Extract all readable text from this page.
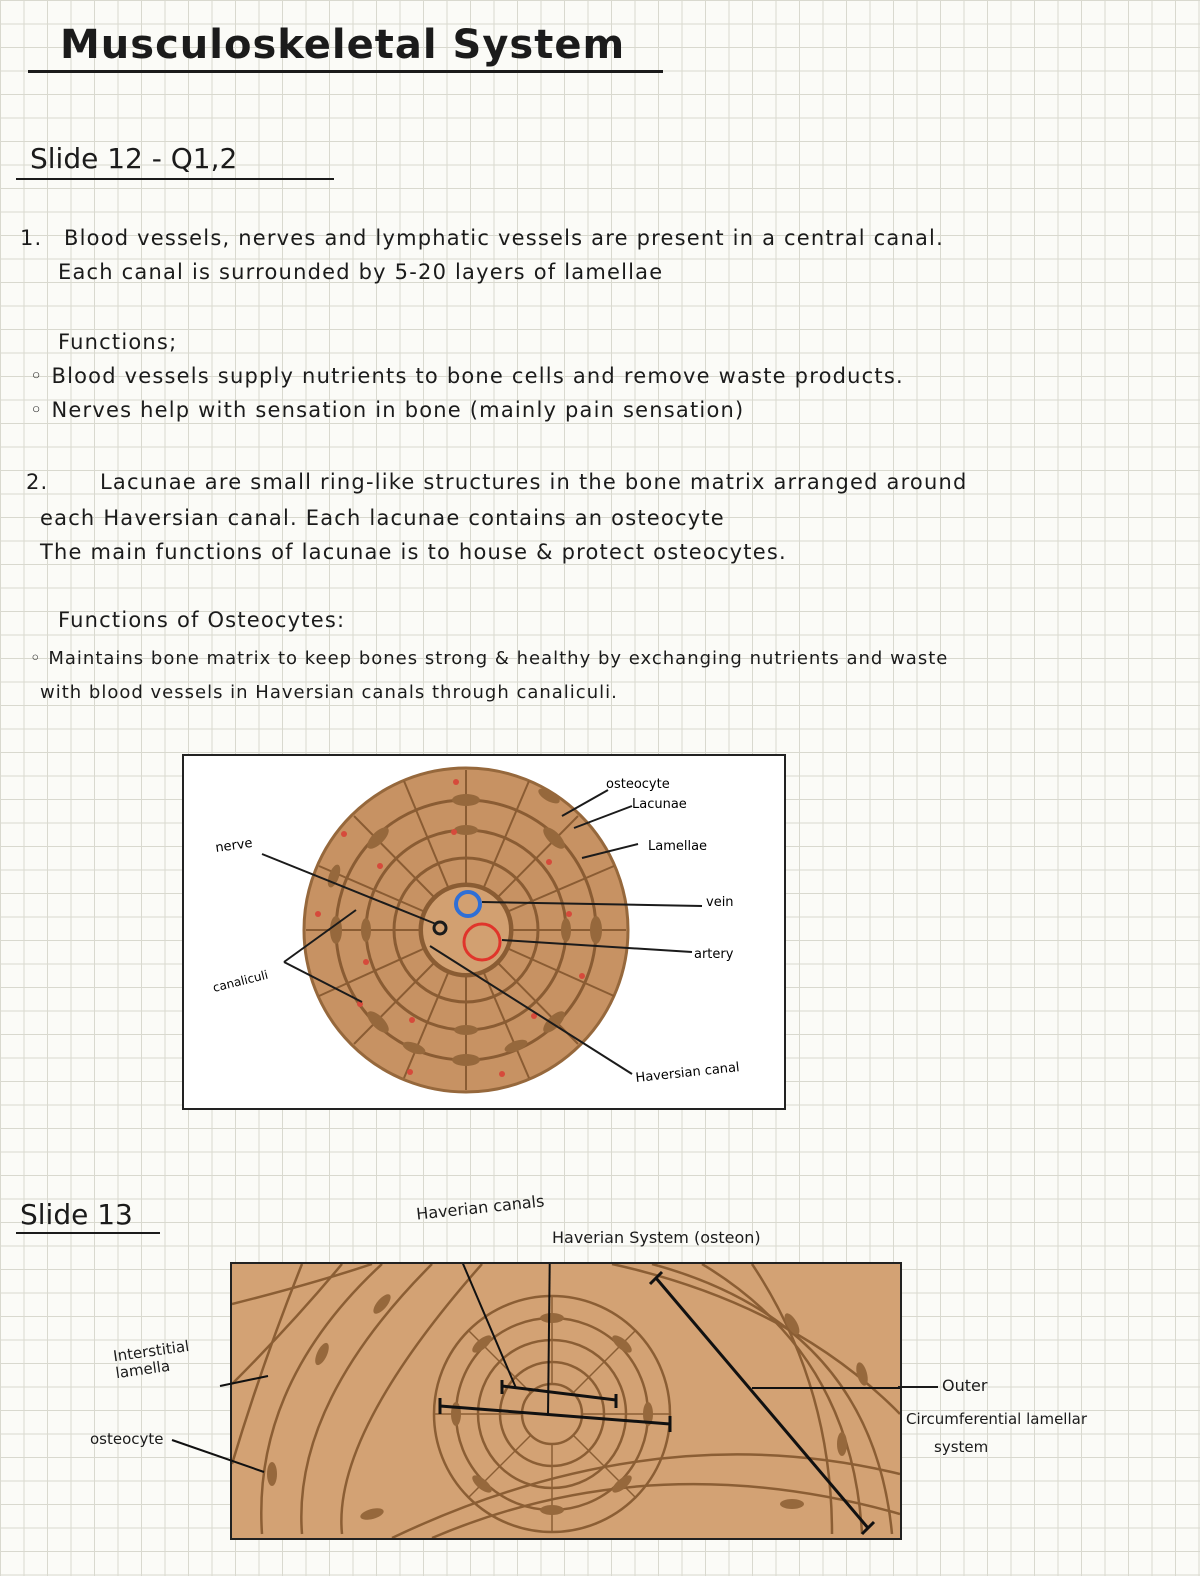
Musculoskeletal System
Slide 12 - Q1,2
1. Blood vessels, nerves and lymphatic vessels are present in a central canal.
Each canal is surrounded by 5-20 layers of lamellae
Functions;
◦ Blood vessels supply nutrients to bone cells and remove waste products.
◦ Nerves help with sensation in bone (mainly pain sensation)
2. Lacunae are small ring-like structures in the bone matrix arranged around
each Haversian canal. Each lacunae contains an osteocyte
The main functions of lacunae is to house & protect osteocytes.
Functions of Osteocytes:
◦ Maintains bone matrix to keep bones strong & healthy by exchanging nutrients and waste
with blood vessels in Haversian canals through canaliculi.
nerve
osteocyte
Lacunae
Lamellae
vein
artery
canaliculi
Haversian canal
Slide 13	Haverian canals
Haverian System (osteon)
Interstitial lamella
osteocyte
Outer
Circumferential lamellar
system
